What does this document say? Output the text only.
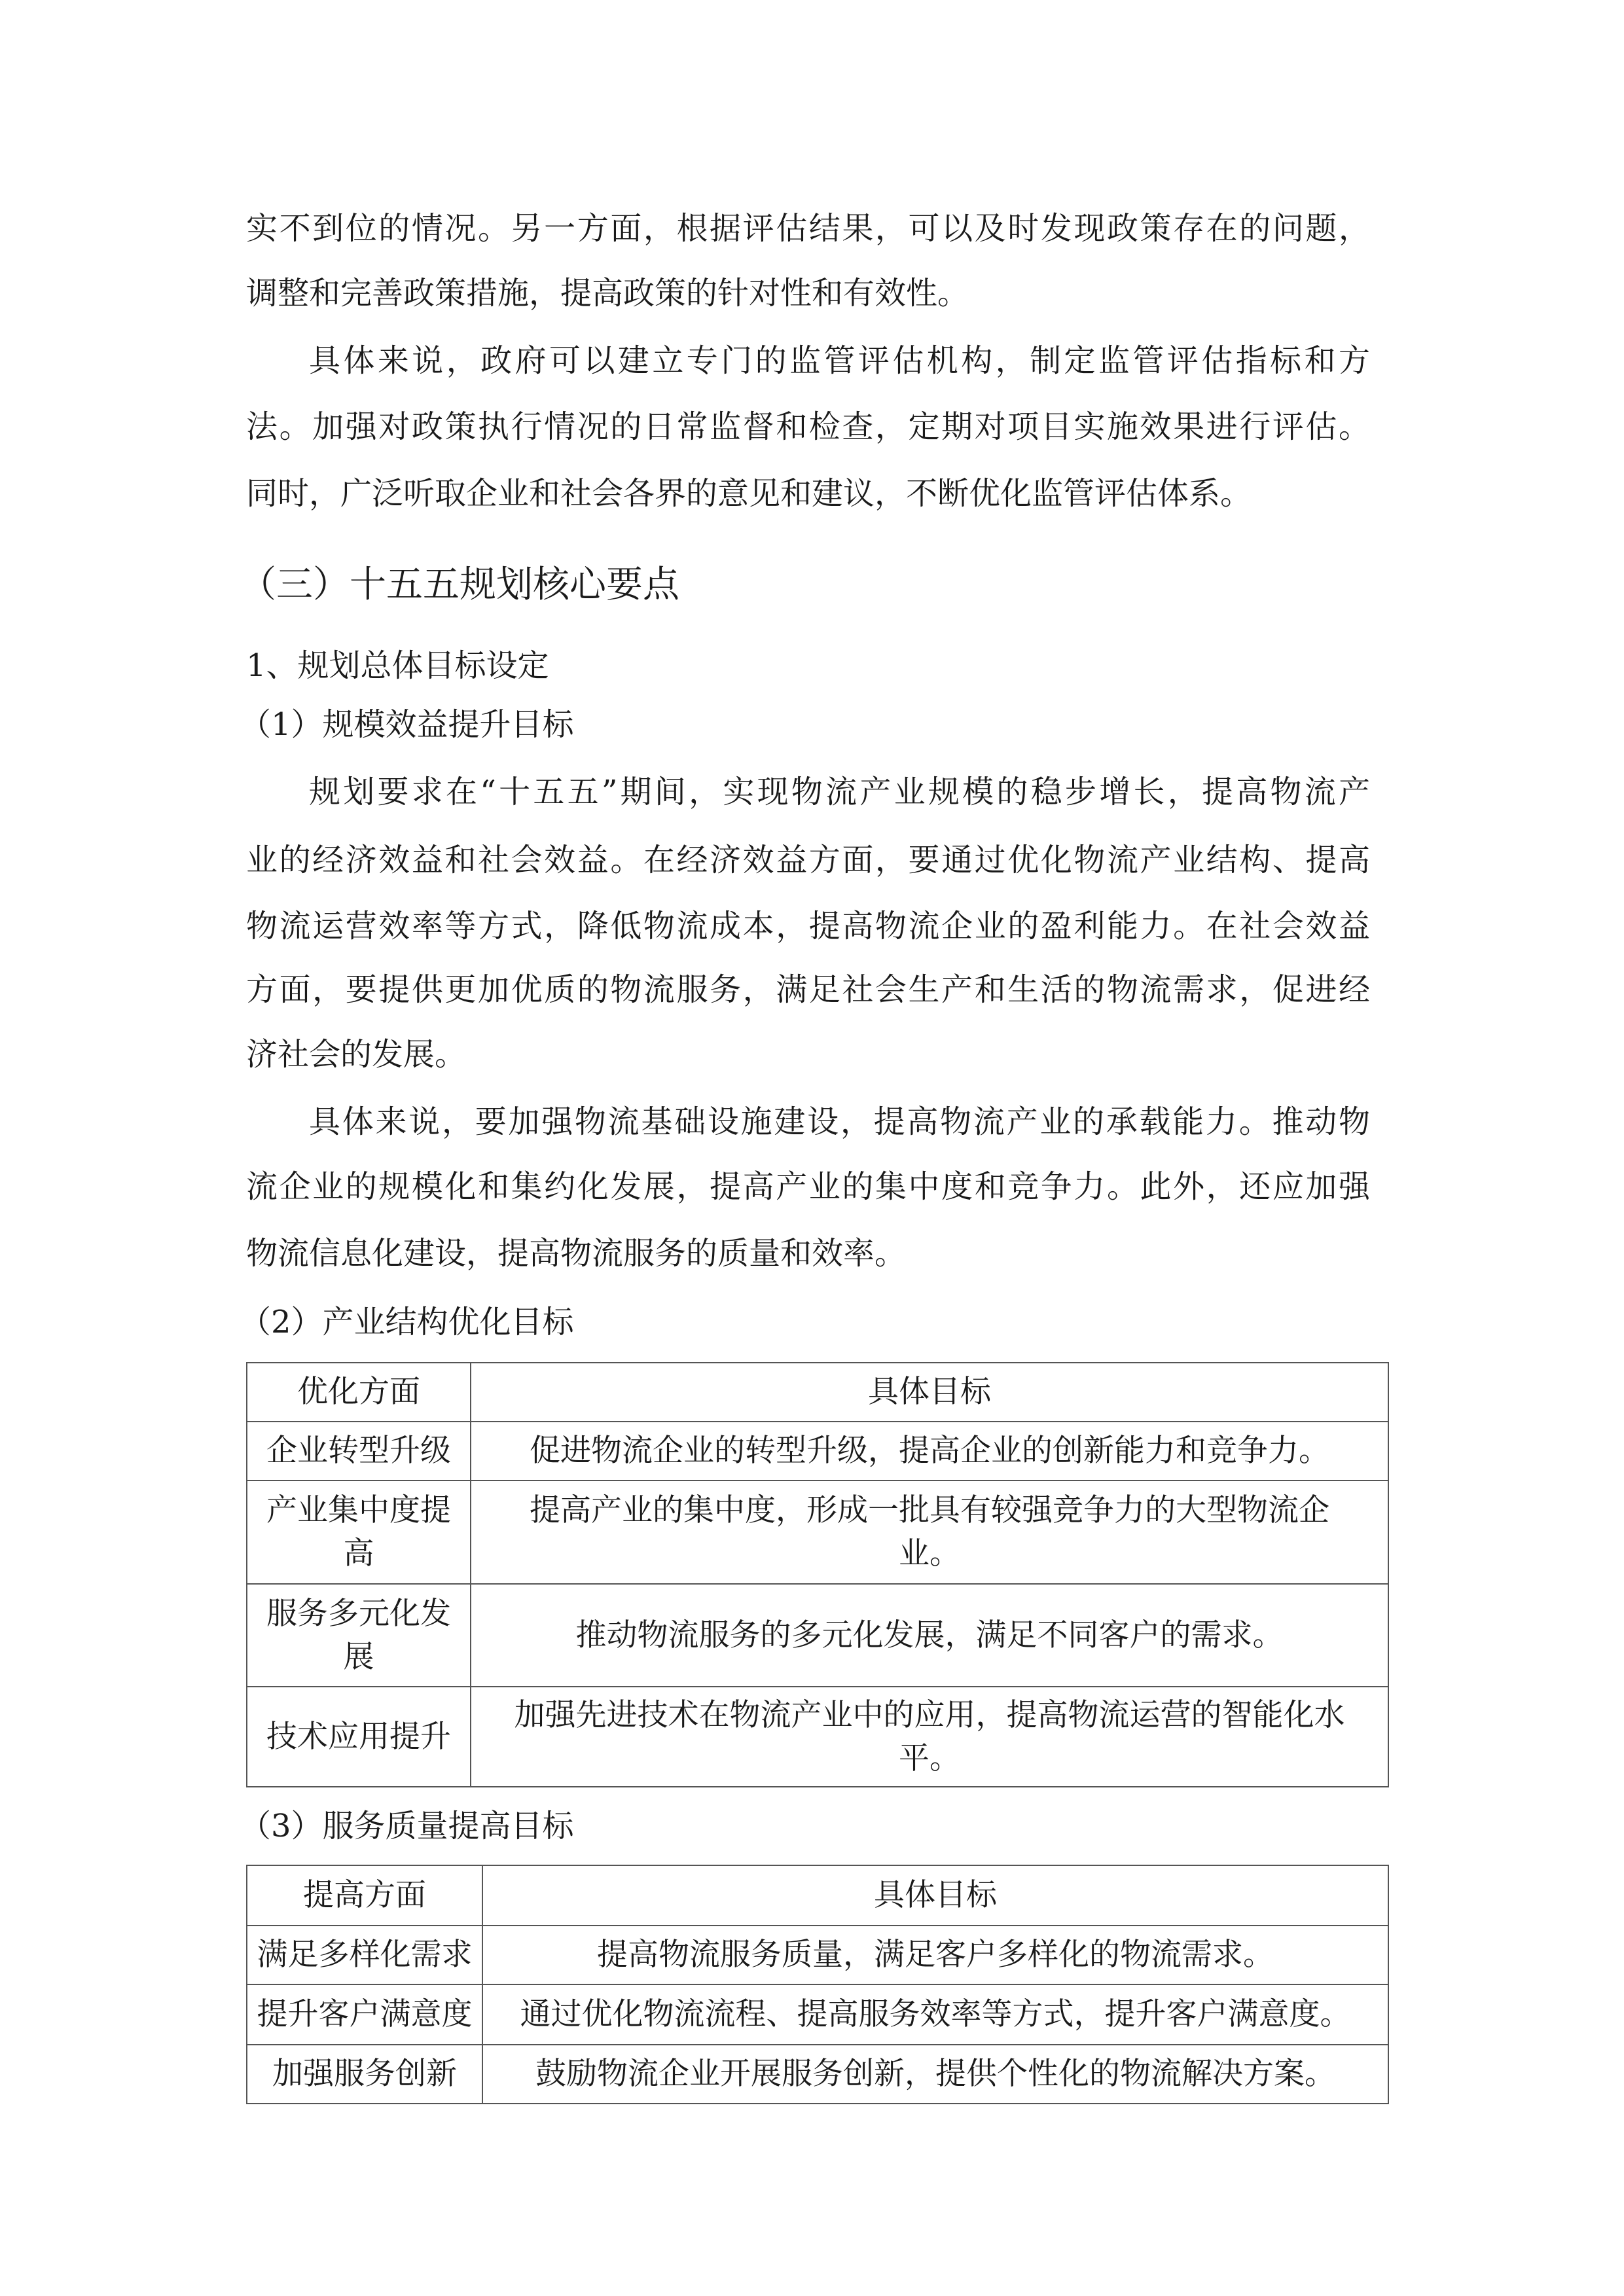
实不到位的情况。另一方面，根据评估结果，可以及时发现政策存在的问题，
调整和完善政策措施，提高政策的针对性和有效性。
具体来说，政府可以建立专门的监管评估机构，制定监管评估指标和方
法。加强对政策执行情况的日常监督和检查，定期对项目实施效果进行评估。
同时，广泛听取企业和社会各界的意见和建议，不断优化监管评估体系。
（三）十五五规划核心要点
1、规划总体目标设定
（1）规模效益提升目标
规划要求在“十五五”期间，实现物流产业规模的稳步增长，提高物流产
业的经济效益和社会效益。在经济效益方面，要通过优化物流产业结构、提高
物流运营效率等方式，降低物流成本，提高物流企业的盈利能力。在社会效益
方面，要提供更加优质的物流服务，满足社会生产和生活的物流需求，促进经
济社会的发展。
具体来说，要加强物流基础设施建设，提高物流产业的承载能力。推动物
流企业的规模化和集约化发展，提高产业的集中度和竞争力。此外，还应加强
物流信息化建设，提高物流服务的质量和效率。
（2）产业结构优化目标
优化方面	具体目标

企业转型升级	促进物流企业的转型升级，提高企业的创新能力和竞争力。

产业集中度提
高	提高产业的集中度，形成一批具有较强竞争力的大型物流企
业。

服务多元化发
展	推动物流服务的多元化发展，满足不同客户的需求。

技术应用提升	加强先进技术在物流产业中的应用，提高物流运营的智能化水
平。
（3）服务质量提高目标
提高方面	具体目标

满足多样化需求	提高物流服务质量，满足客户多样化的物流需求。

提升客户满意度	通过优化物流流程、提高服务效率等方式，提升客户满意度。

加强服务创新	鼓励物流企业开展服务创新，提供个性化的物流解决方案。
